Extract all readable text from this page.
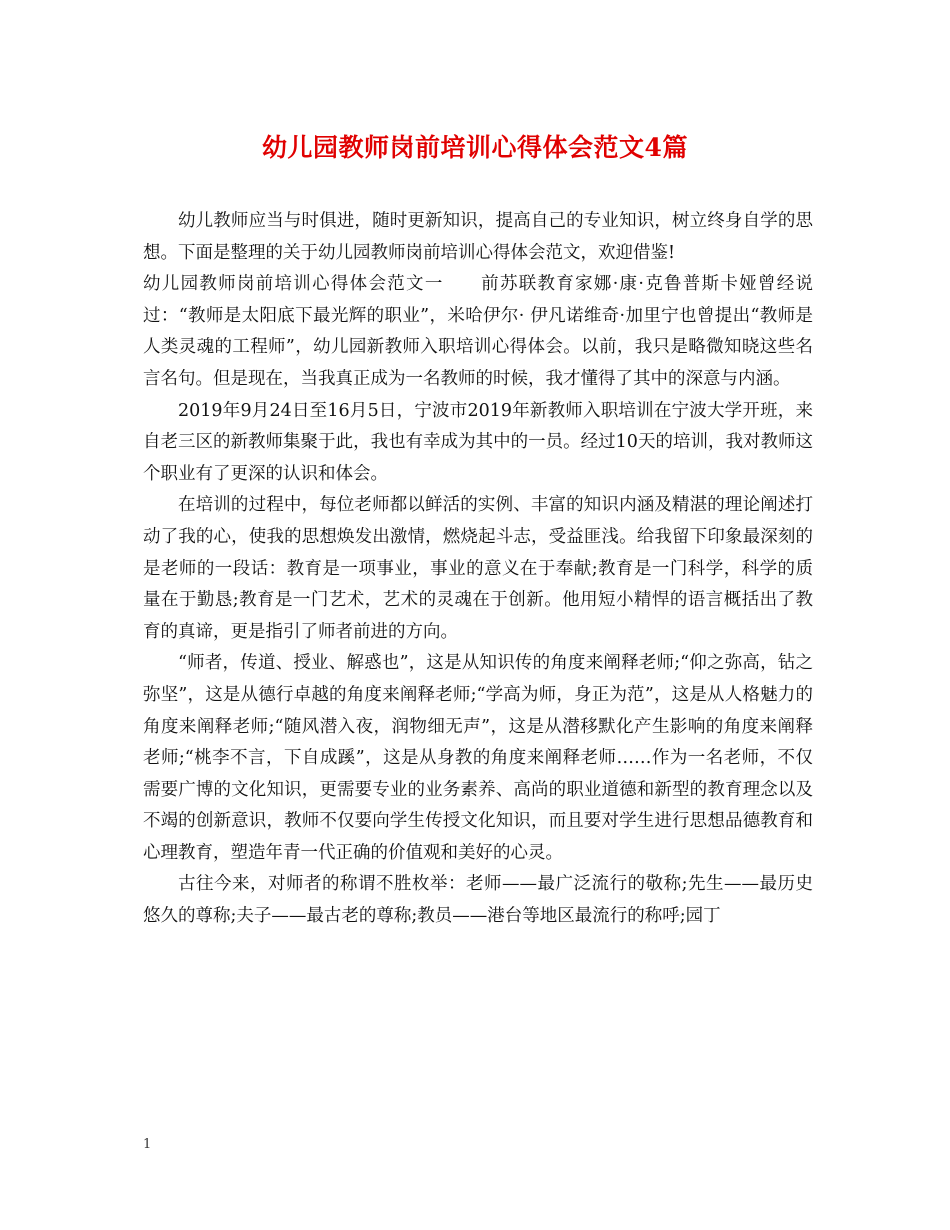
幼儿园教师岗前培训心得体会范文4篇

幼儿教师应当与时俱进，随时更新知识，提高自己的专业知识，树立终身自学的思想。下面是整理的关于幼儿园教师岗前培训心得体会范文，欢迎借鉴!

幼儿园教师岗前培训心得体会范文一　　前苏联教育家娜·康·克鲁普斯卡娅曾经说过：“教师是太阳底下最光辉的职业”，米哈伊尔· 伊凡诺维奇·加里宁也曾提出“教师是人类灵魂的工程师”，幼儿园新教师入职培训心得体会。以前，我只是略微知晓这些名言名句。但是现在，当我真正成为一名教师的时候，我才懂得了其中的深意与内涵。

2019年9月24日至16月5日，宁波市2019年新教师入职培训在宁波大学开班，来自老三区的新教师集聚于此，我也有幸成为其中的一员。经过10天的培训，我对教师这个职业有了更深的认识和体会。

在培训的过程中，每位老师都以鲜活的实例、丰富的知识内涵及精湛的理论阐述打动了我的心，使我的思想焕发出激情，燃烧起斗志，受益匪浅。给我留下印象最深刻的是老师的一段话：教育是一项事业，事业的意义在于奉献;教育是一门科学，科学的质量在于勤恳;教育是一门艺术，艺术的灵魂在于创新。他用短小精悍的语言概括出了教育的真谛，更是指引了师者前进的方向。

“师者，传道、授业、解惑也”，这是从知识传的角度来阐释老师;“仰之弥高，钻之弥坚”，这是从德行卓越的角度来阐释老师;“学高为师，身正为范”，这是从人格魅力的角度来阐释老师;“随风潜入夜，润物细无声”，这是从潜移默化产生影响的角度来阐释老师;“桃李不言，下自成蹊”，这是从身教的角度来阐释老师……作为一名老师，不仅需要广博的文化知识，更需要专业的业务素养、高尚的职业道德和新型的教育理念以及不竭的创新意识，教师不仅要向学生传授文化知识，而且要对学生进行思想品德教育和心理教育，塑造年青一代正确的价值观和美好的心灵。

古往今来，对师者的称谓不胜枚举：老师——最广泛流行的敬称;先生——最历史悠久的尊称;夫子——最古老的尊称;教员——港台等地区最流行的称呼;园丁

1
